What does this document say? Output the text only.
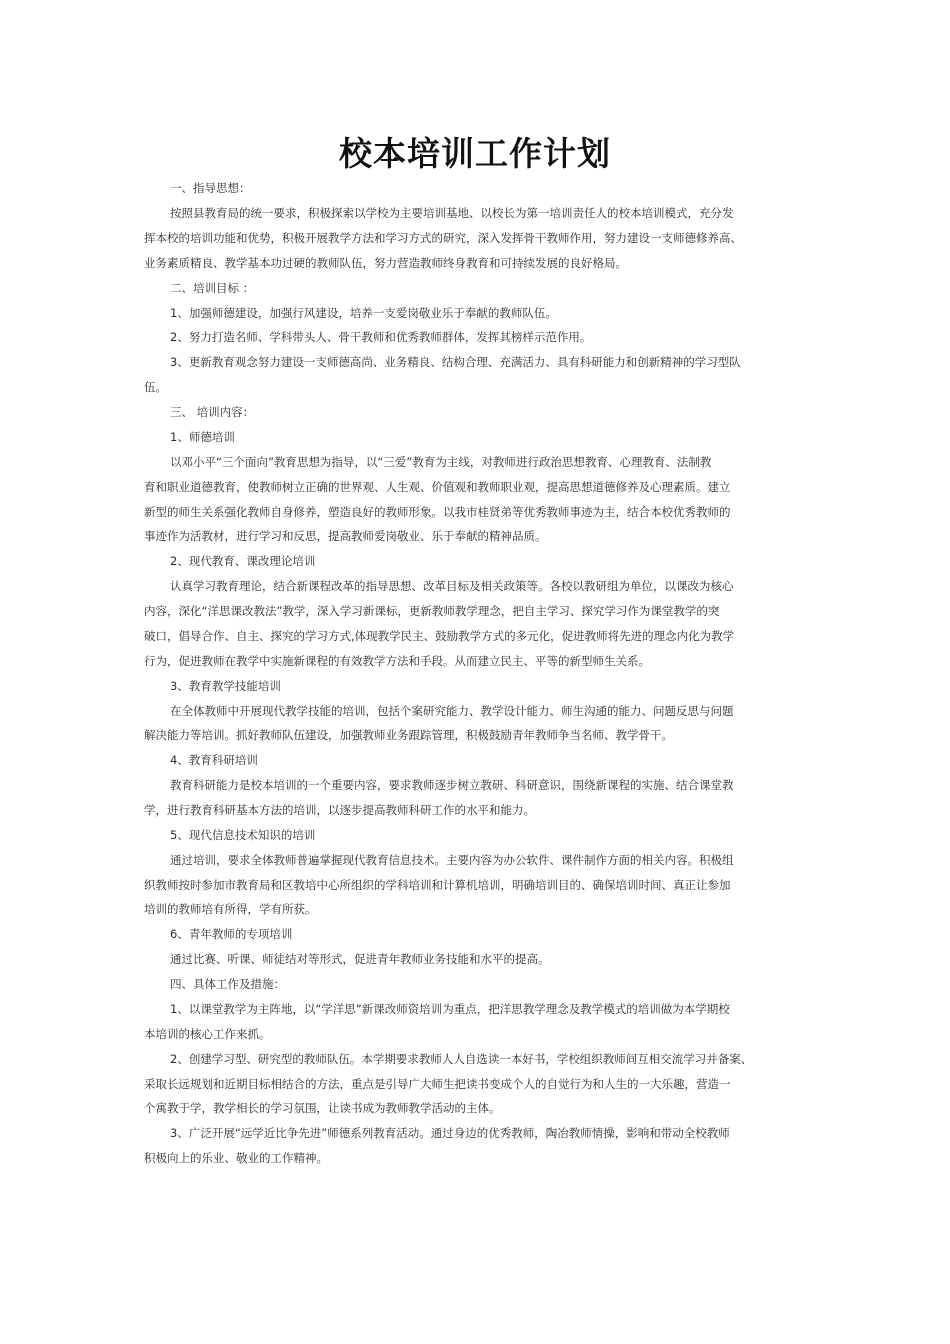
校本培训工作计划
一、指导思想：
按照县教育局的统一要求，积极探索以学校为主要培训基地、以校长为第一培训责任人的校本培训模式，充分发
挥本校的培训功能和优势，积极开展教学方法和学习方式的研究，深入发挥骨干教师作用，努力建设一支师德修养高、
业务素质精良、教学基本功过硬的教师队伍，努力营造教师终身教育和可持续发展的良好格局。
二、培训目标 ：
1、加强师德建设，加强行风建设，培养一支爱岗敬业乐于奉献的教师队伍。
2、努力打造名师、学科带头人、骨干教师和优秀教师群体，发挥其榜样示范作用。
3、更新教育观念努力建设一支师德高尚、业务精良、结构合理、充满活力、具有科研能力和创新精神的学习型队
伍。
三、 培训内容：
1、师德培训
以邓小平“三个面向”教育思想为指导，以“三爱”教育为主线，对教师进行政治思想教育、心理教育、法制教
育和职业道德教育，使教师树立正确的世界观、人生观、价值观和教师职业观，提高思想道德修养及心理素质。建立
新型的师生关系强化教师自身修养，塑造良好的教师形象。以我市桂贤弟等优秀教师事迹为主，结合本校优秀教师的
事迹作为活教材，进行学习和反思，提高教师爱岗敬业、乐于奉献的精神品质。
2、现代教育、课改理论培训
认真学习教育理论，结合新课程改革的指导思想、改革目标及相关政策等。各校以教研组为单位，以课改为核心
内容，深化“洋思课改教法”教学，深入学习新课标，更新教师教学理念，把自主学习、探究学习作为课堂教学的突
破口，倡导合作、自主、探究的学习方式,体现教学民主、鼓励教学方式的多元化，促进教师将先进的理念内化为教学
行为，促进教师在教学中实施新课程的有效教学方法和手段。从而建立民主、平等的新型师生关系。
3、教育教学技能培训
在全体教师中开展现代教学技能的培训，包括个案研究能力、教学设计能力、师生沟通的能力、问题反思与问题
解决能力等培训。抓好教师队伍建设，加强教师业务跟踪管理，积极鼓励青年教师争当名师、教学骨干。
4、教育科研培训
教育科研能力是校本培训的一个重要内容，要求教师逐步树立教研、科研意识，围绕新课程的实施、结合课堂教
学，进行教育科研基本方法的培训，以逐步提高教师科研工作的水平和能力。
5、现代信息技术知识的培训
通过培训，要求全体教师普遍掌握现代教育信息技术。主要内容为办公软件、课件制作方面的相关内容。积极组
织教师按时参加市教育局和区教培中心所组织的学科培训和计算机培训，明确培训目的、确保培训时间、真正让参加
培训的教师培有所得，学有所获。
6、青年教师的专项培训
通过比赛、听课、师徒结对等形式，促进青年教师业务技能和水平的提高。
四、具体工作及措施：
1、以课堂教学为主阵地，以“学洋思”新课改师资培训为重点，把洋思教学理念及教学模式的培训做为本学期校
本培训的核心工作来抓。
2、创建学习型、研究型的教师队伍。本学期要求教师人人自选读一本好书，学校组织教师间互相交流学习并备案、
采取长远规划和近期目标相结合的方法，重点是引导广大师生把读书变成个人的自觉行为和人生的一大乐趣，营造一
个寓教于学，教学相长的学习氛围，让读书成为教师教学活动的主体。
3、广泛开展“远学近比争先进”师德系列教育活动。通过身边的优秀教师，陶冶教师情操，影响和带动全校教师
积极向上的乐业、敬业的工作精神。
